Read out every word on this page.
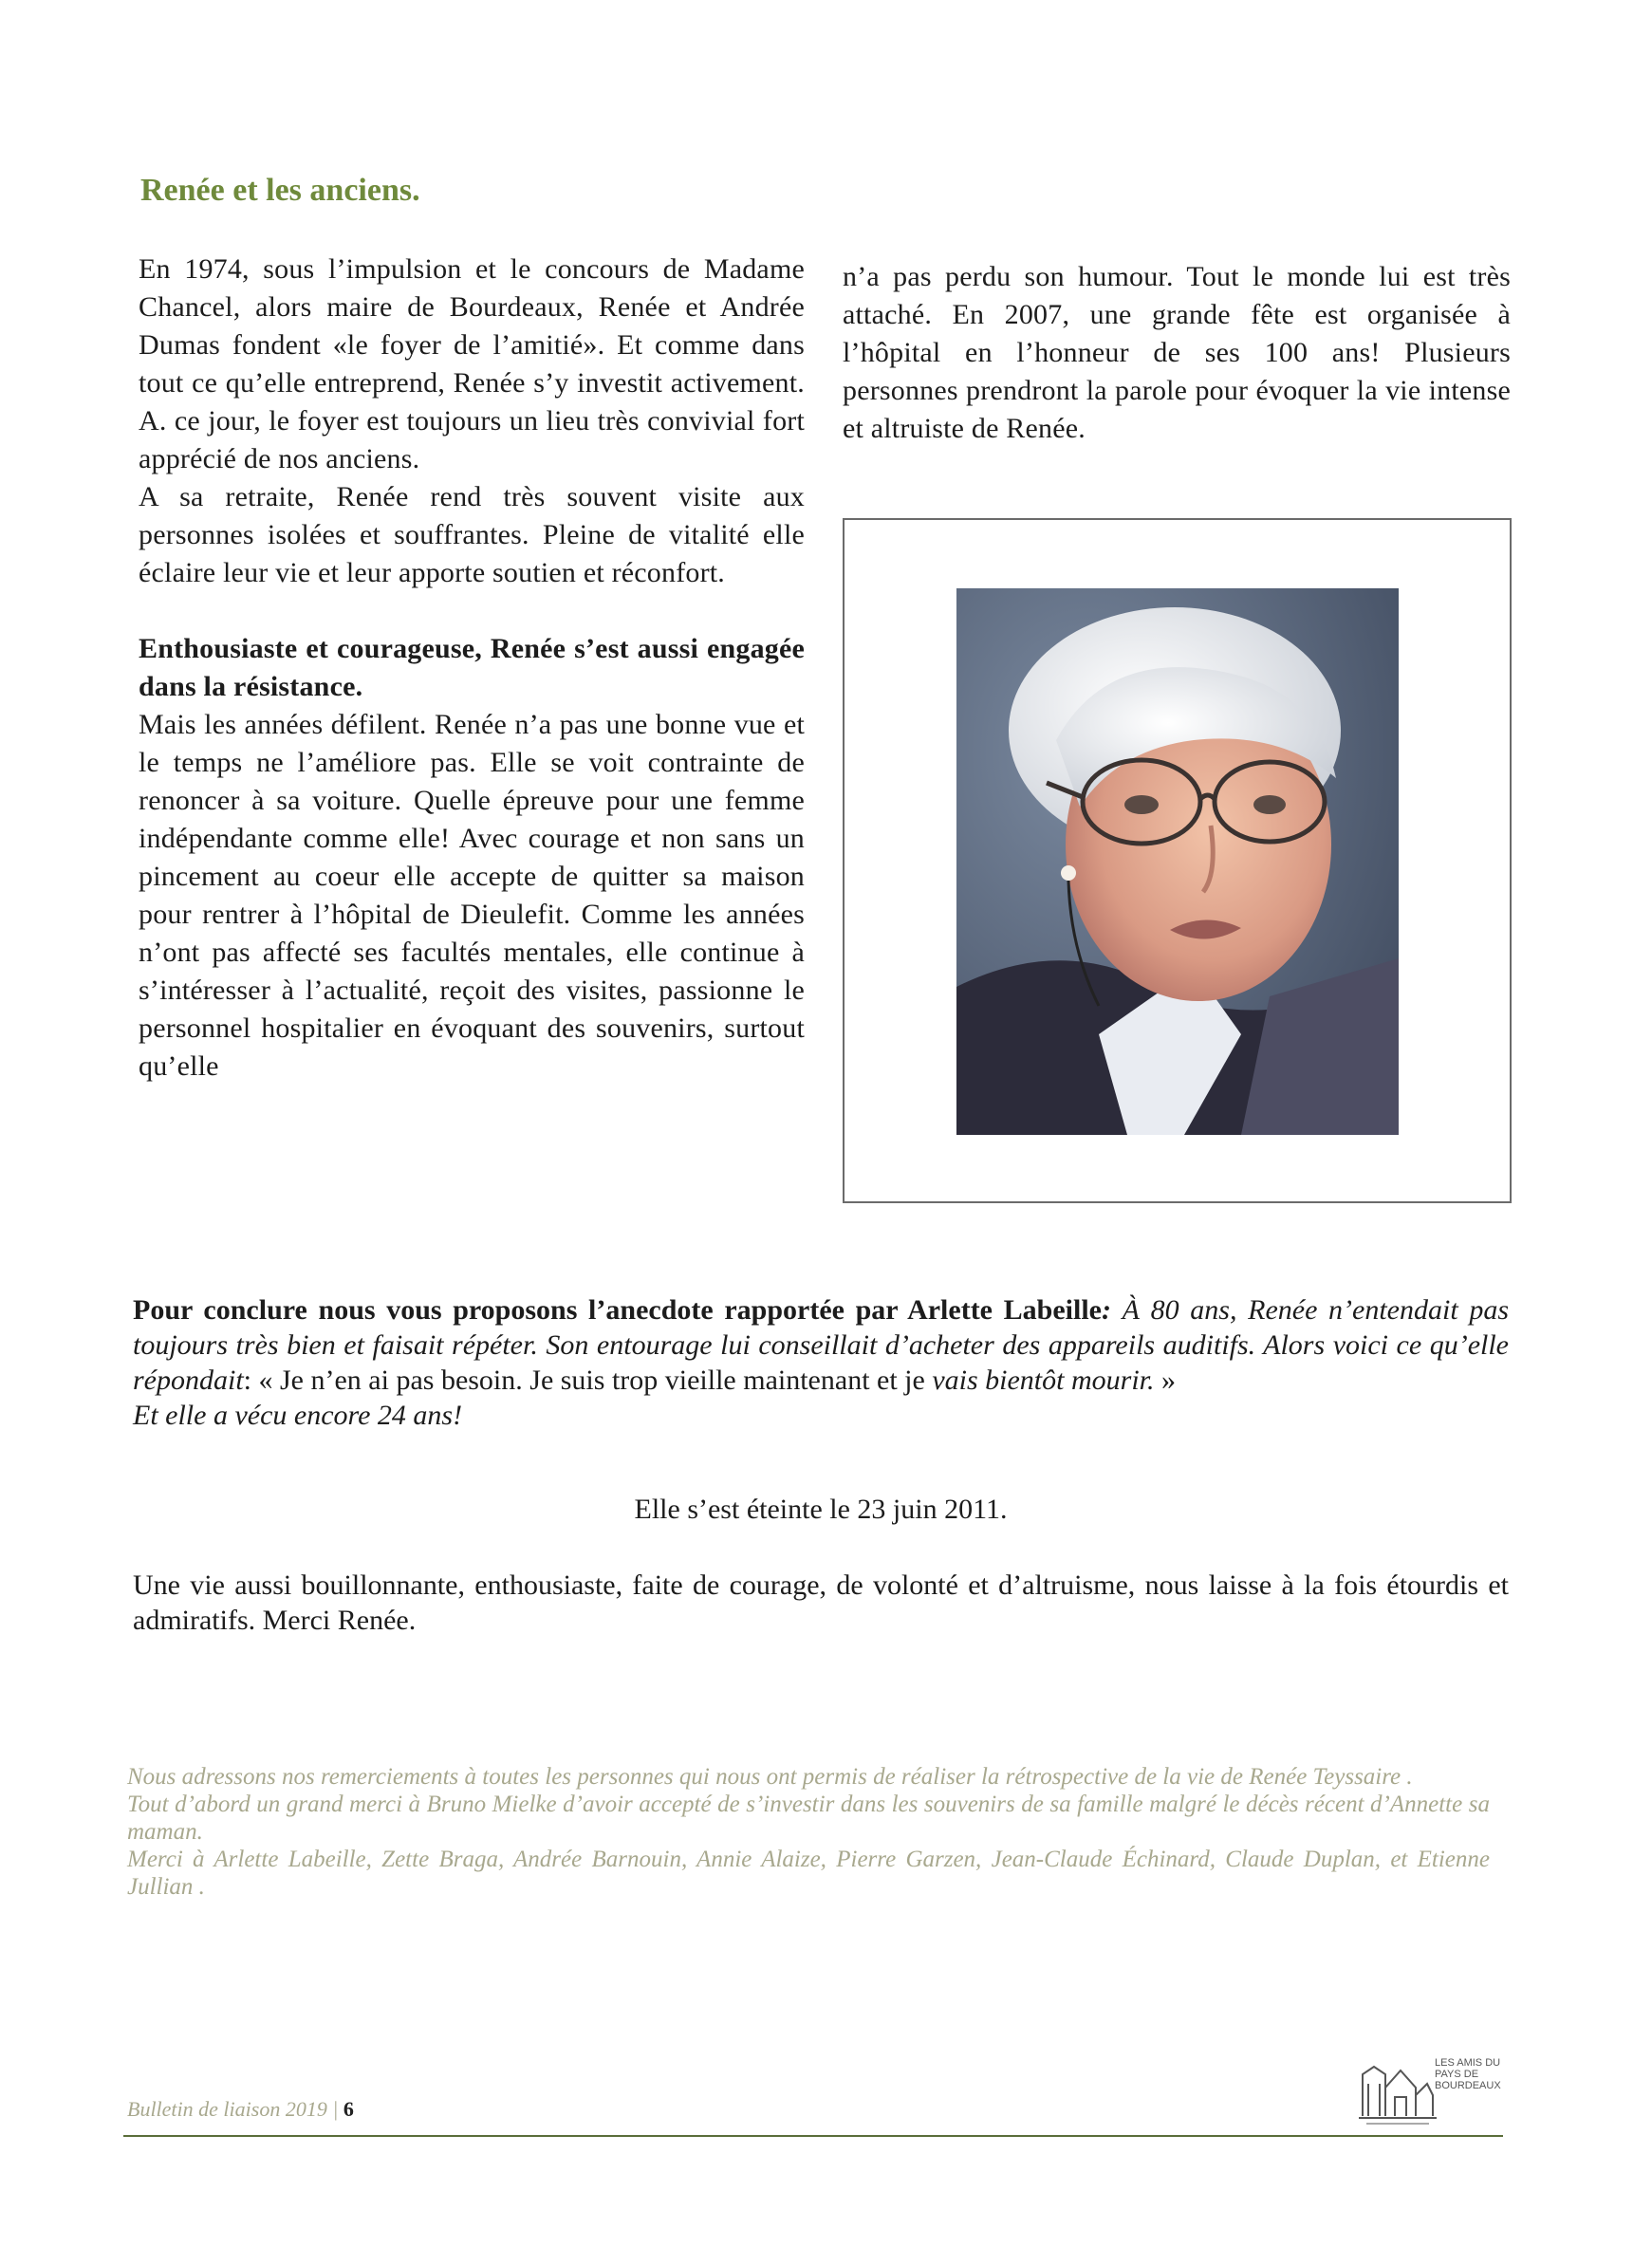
Renée et les anciens.

En 1974, sous l’impulsion et le concours de Madame Chancel, alors maire de Bourdeaux, Renée et Andrée Dumas fondent «le foyer de l’amitié». Et comme dans tout ce qu’elle entreprend, Renée s’y investit activement. A. ce jour, le foyer est toujours un lieu très convivial fort apprécié de nos anciens.

A sa retraite, Renée rend très souvent visite aux personnes isolées et souffrantes. Pleine de vitalité elle éclaire leur vie et leur apporte soutien et réconfort.

Enthousiaste et courageuse, Renée s’est aussi engagée dans la résistance.

Mais les années défilent. Renée n’a pas une bonne vue et le temps ne l’améliore pas. Elle se voit contrainte de renoncer à sa voiture. Quelle épreuve pour une femme indépendante comme elle! Avec courage et non sans un pincement au coeur elle accepte de quitter sa maison pour rentrer à l’hôpital de Dieulefit. Comme les années n’ont pas affecté ses facultés mentales, elle continue à s’intéresser à l’actualité, reçoit des visites, passionne le personnel hospitalier en évoquant des souvenirs, surtout qu’elle

n’a pas perdu son humour. Tout le monde lui est très attaché. En 2007, une grande fête est organisée à l’hôpital en l’honneur de ses 100 ans! Plusieurs personnes prendront la parole pour évoquer la vie intense et altruiste de Renée.

Pour conclure nous vous proposons l’anecdote rapportée par Arlette Labeille: À 80 ans, Renée n’entendait pas toujours très bien et faisait répéter. Son entourage lui conseillait d’acheter des appareils auditifs. Alors voici ce qu’elle répondait: « Je n’en ai pas besoin. Je suis trop vieille maintenant et je vais bientôt mourir. »

Et elle a vécu encore 24 ans!

Elle s’est éteinte le 23 juin 2011.
Une vie aussi bouillonnante, enthousiaste, faite de courage, de volonté et d’altruisme, nous laisse à la fois étourdis et admiratifs. Merci Renée.

Nous adressons nos remerciements à toutes les personnes qui nous ont permis de réaliser la rétrospective de la vie de Renée Teyssaire .

Tout d’abord un grand merci à Bruno Mielke d’avoir accepté de s’investir dans les souvenirs de sa famille malgré le décès récent d’Annette sa maman.

Merci à Arlette Labeille, Zette Braga, Andrée Barnouin, Annie Alaize, Pierre Garzen, Jean-Claude Échinard, Claude Duplan, et Etienne Jullian .

Bulletin de liaison 2019 | 6
LES AMIS DU PAYS DE BOURDEAUX
